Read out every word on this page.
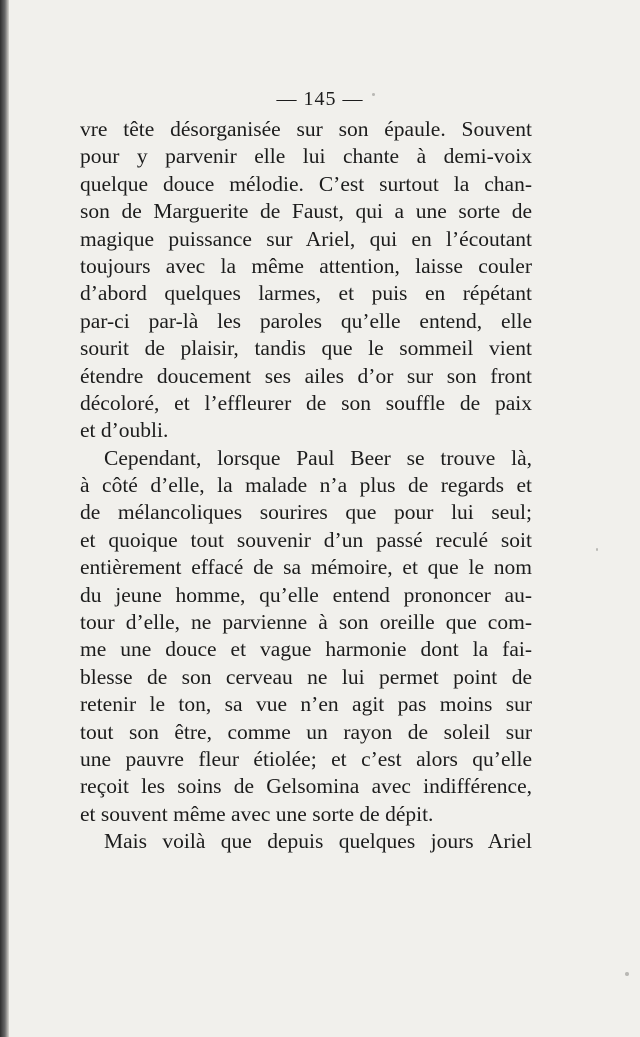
— 145 —
vre tête désorganisée sur son épaule. Souvent
pour y parvenir elle lui chante à demi-voix
quelque douce mélodie. C’est surtout la chan-
son de Marguerite de Faust, qui a une sorte de
magique puissance sur Ariel, qui en l’écoutant
toujours avec la même attention, laisse couler
d’abord quelques larmes, et puis en répétant
par-ci par-là les paroles qu’elle entend, elle
sourit de plaisir, tandis que le sommeil vient
étendre doucement ses ailes d’or sur son front
décoloré, et l’effleurer de son souffle de paix
et d’oubli.
Cependant, lorsque Paul Beer se trouve là,
à côté d’elle, la malade n’a plus de regards et
de mélancoliques sourires que pour lui seul;
et quoique tout souvenir d’un passé reculé soit
entièrement effacé de sa mémoire, et que le nom
du jeune homme, qu’elle entend prononcer au-
tour d’elle, ne parvienne à son oreille que com-
me une douce et vague harmonie dont la fai-
blesse de son cerveau ne lui permet point de
retenir le ton, sa vue n’en agit pas moins sur
tout son être, comme un rayon de soleil sur
une pauvre fleur étiolée; et c’est alors qu’elle
reçoit les soins de Gelsomina avec indifférence,
et souvent même avec une sorte de dépit.
Mais voilà que depuis quelques jours Ariel
